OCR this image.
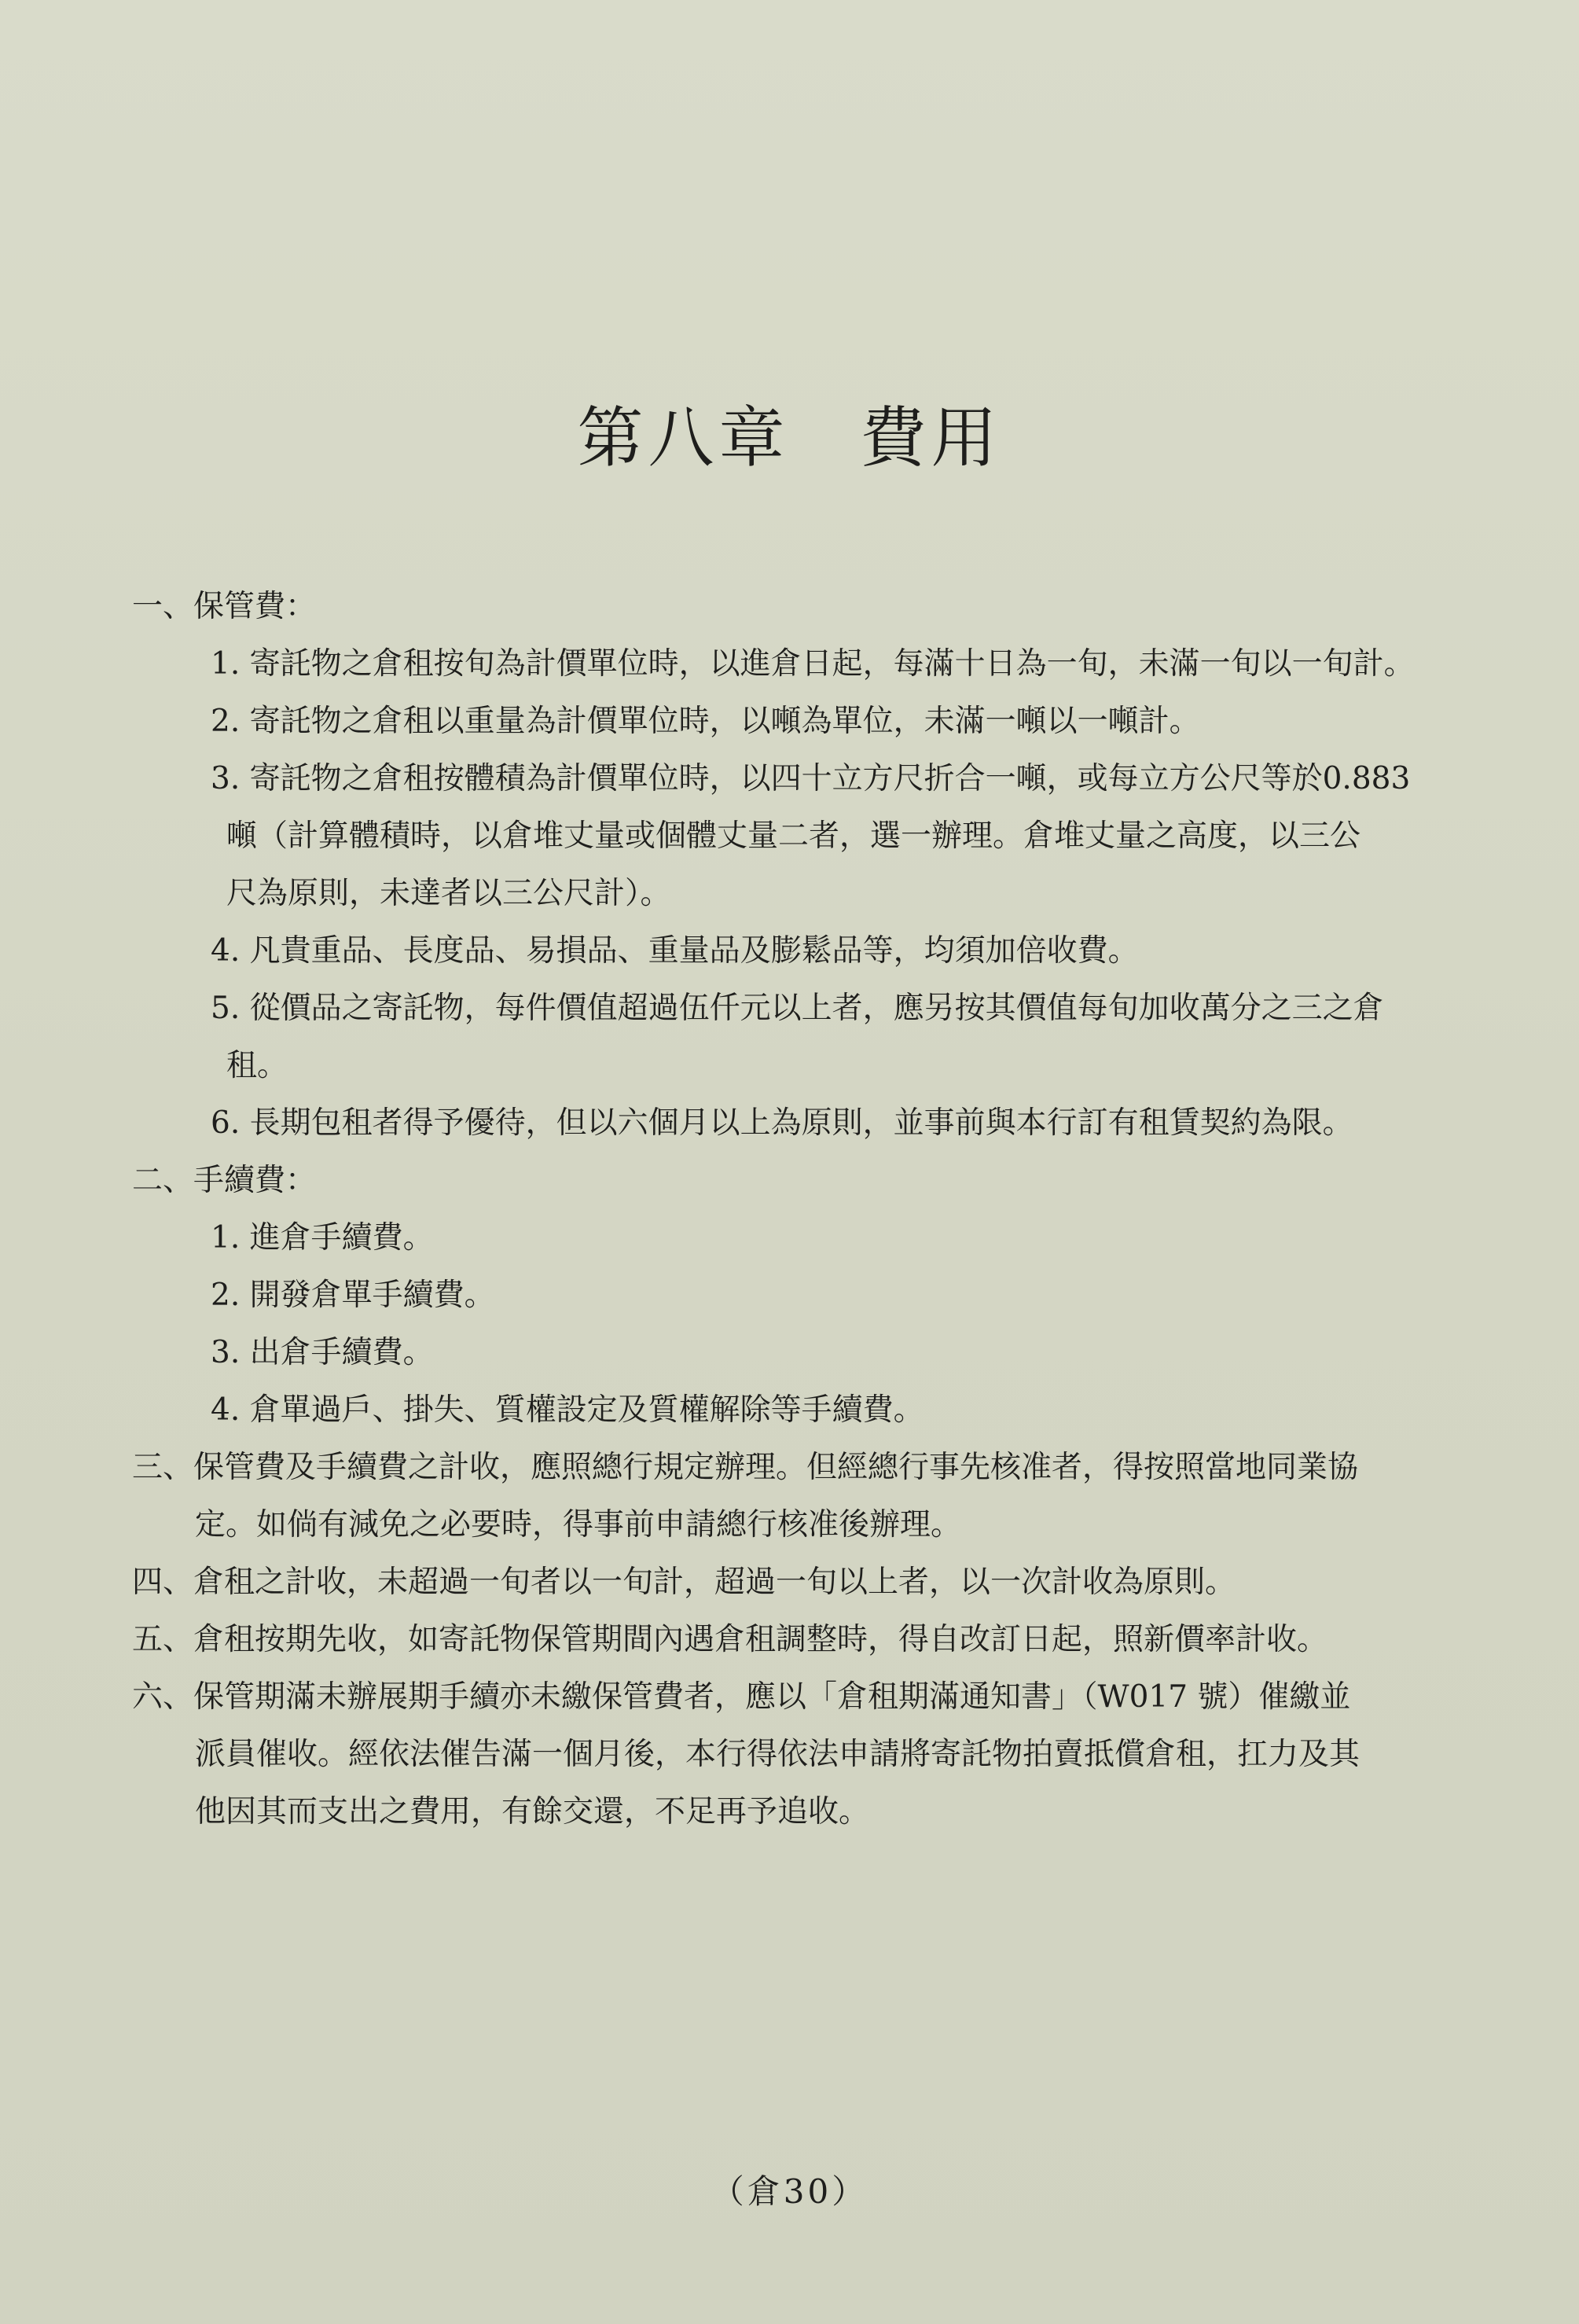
第八章 費用
一、保管費：
1. 寄託物之倉租按旬為計價單位時，以進倉日起，每滿十日為一旬，未滿一旬以一旬計。
2. 寄託物之倉租以重量為計價單位時，以噸為單位，未滿一噸以一噸計。
3. 寄託物之倉租按體積為計價單位時，以四十立方尺折合一噸，或每立方公尺等於0.883
噸（計算體積時，以倉堆丈量或個體丈量二者，選一辦理。倉堆丈量之高度，以三公
尺為原則，未達者以三公尺計）。
4. 凡貴重品、長度品、易損品、重量品及膨鬆品等，均須加倍收費。
5. 從價品之寄託物，每件價值超過伍仟元以上者，應另按其價值每旬加收萬分之三之倉
租。
6. 長期包租者得予優待，但以六個月以上為原則，並事前與本行訂有租賃契約為限。
二、手續費：
1. 進倉手續費。
2. 開發倉單手續費。
3. 出倉手續費。
4. 倉單過戶、掛失、質權設定及質權解除等手續費。
三、保管費及手續費之計收，應照總行規定辦理。但經總行事先核准者，得按照當地同業協
定。如倘有減免之必要時，得事前申請總行核准後辦理。
四、倉租之計收，未超過一旬者以一旬計，超過一旬以上者，以一次計收為原則。
五、倉租按期先收，如寄託物保管期間內遇倉租調整時，得自改訂日起，照新價率計收。
六、保管期滿未辦展期手續亦未繳保管費者，應以「倉租期滿通知書」（W017 號）催繳並
派員催收。經依法催告滿一個月後，本行得依法申請將寄託物拍賣抵償倉租，扛力及其
他因其而支出之費用，有餘交還，不足再予追收。
（倉30）
